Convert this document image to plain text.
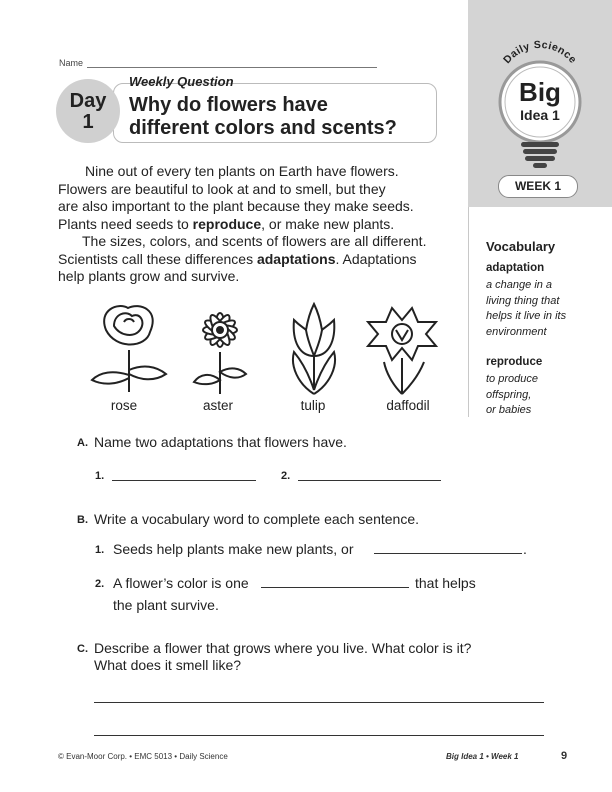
Daily Science
Big
Idea 1
WEEK 1
Name
Day
1
Weekly Question
Why do flowers have
different colors and scents?

Nine out of every ten plants on Earth have flowers.

Flowers are beautiful to look at and to smell, but they

are also important to the plant because they make seeds.

Plants need seeds to reproduce, or make new plants.

The sizes, colors, and scents of flowers are all different.

Scientists call these differences adaptations. Adaptations

help plants grow and survive.

rose	aster	tulip	daffodil
Vocabulary
adaptation
a change in a
living thing that
helps it live in its
environment
reproduce
to produce
offspring,
or babies
A. Name two adaptations that flowers have.
1.	2.
B. Write a vocabulary word to complete each sentence.
1. Seeds help plants make new plants, or	.
2. A flower’s color is one	that helps
the plant survive.
C. Describe a flower that grows where you live. What color is it?
What does it smell like?
© Evan-Moor Corp. • EMC 5013 • Daily Science	Big Idea 1 • Week 1	9
